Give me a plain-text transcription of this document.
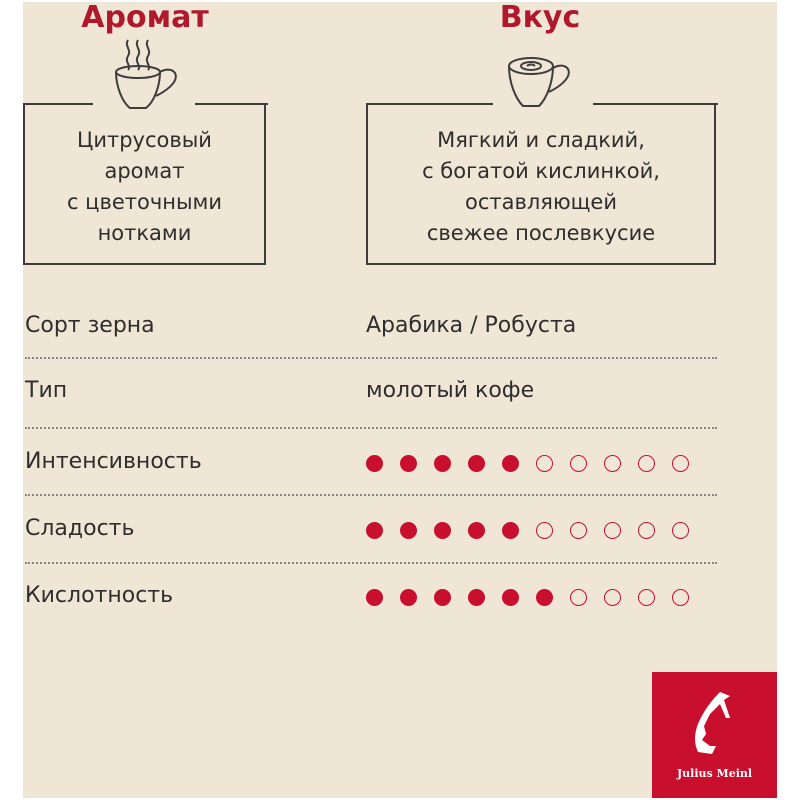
Аромат
Цитрусовый
аромат
с цветочными
нотками
Вкус
Мягкий и сладкий,
с богатой кислинкой,
оставляющей
свежее послевкусие
Сорт зерна	Арабика / Робуста
Тип	молотый кофе
Интенсивность
Сладость
Кислотность
Julius Meinl
